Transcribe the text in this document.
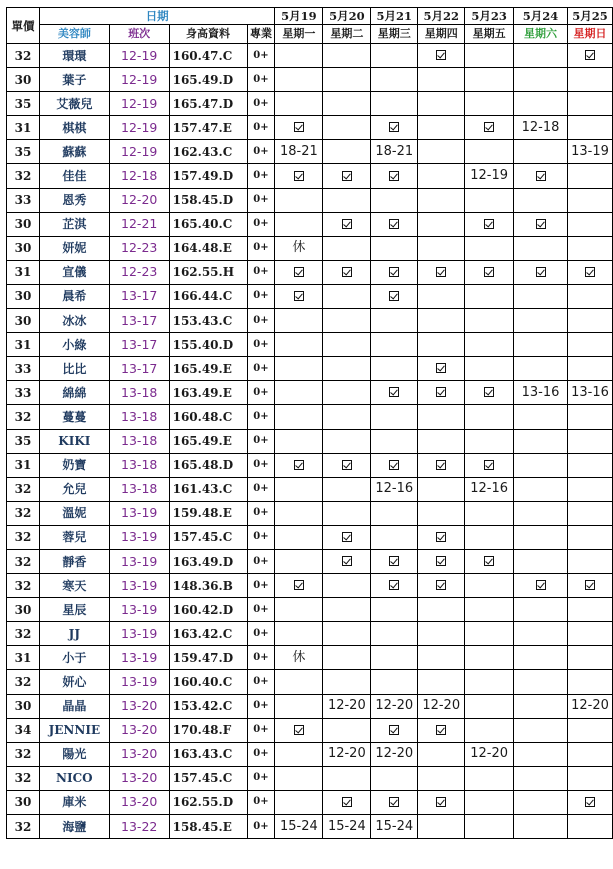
單價	日期				5月19	5月20	5月21	5月22	5月23	5月24	5月25
	美容師	班次	身高資料	專業	星期一	星期二	星期三	星期四	星期五	星期六	星期日
32	環環	12-19	160.47.C	0+							
30	葉子	12-19	165.49.D	0+							
35	艾薇兒	12-19	165.47.D	0+							
31	棋棋	12-19	157.47.E	0+						12-18	
35	蘇蘇	12-19	162.43.C	0+	18-21		18-21				13-19
32	佳佳	12-18	157.49.D	0+					12-19		
33	恩秀	12-20	158.45.D	0+							
30	芷淇	12-21	165.40.C	0+							
30	妍妮	12-23	164.48.E	0+	休						
31	宣儀	12-23	162.55.H	0+							
30	晨希	13-17	166.44.C	0+							
30	冰冰	13-17	153.43.C	0+							
31	小綠	13-17	155.40.D	0+							
33	比比	13-17	165.49.E	0+							
33	綿綿	13-18	163.49.E	0+						13-16	13-16
32	蔓蔓	13-18	160.48.C	0+							
35	KIKI	13-18	165.49.E	0+							
31	奶寶	13-18	165.48.D	0+							
32	允兒	13-18	161.43.C	0+			12-16		12-16		
32	溫妮	13-19	159.48.E	0+							
32	蓉兒	13-19	157.45.C	0+							
32	靜香	13-19	163.49.D	0+							
32	寒天	13-19	148.36.B	0+							
30	星辰	13-19	160.42.D	0+							
32	JJ	13-19	163.42.C	0+							
31	小于	13-19	159.47.D	0+	休						
32	妍心	13-19	160.40.C	0+							
30	晶晶	13-20	153.42.C	0+		12-20	12-20	12-20			12-20
34	JENNIE	13-20	170.48.F	0+							
32	陽光	13-20	163.43.C	0+		12-20	12-20		12-20		
32	NICO	13-20	157.45.C	0+							
30	庫米	13-20	162.55.D	0+							
32	海鹽	13-22	158.45.E	0+	15-24	15-24	15-24				
